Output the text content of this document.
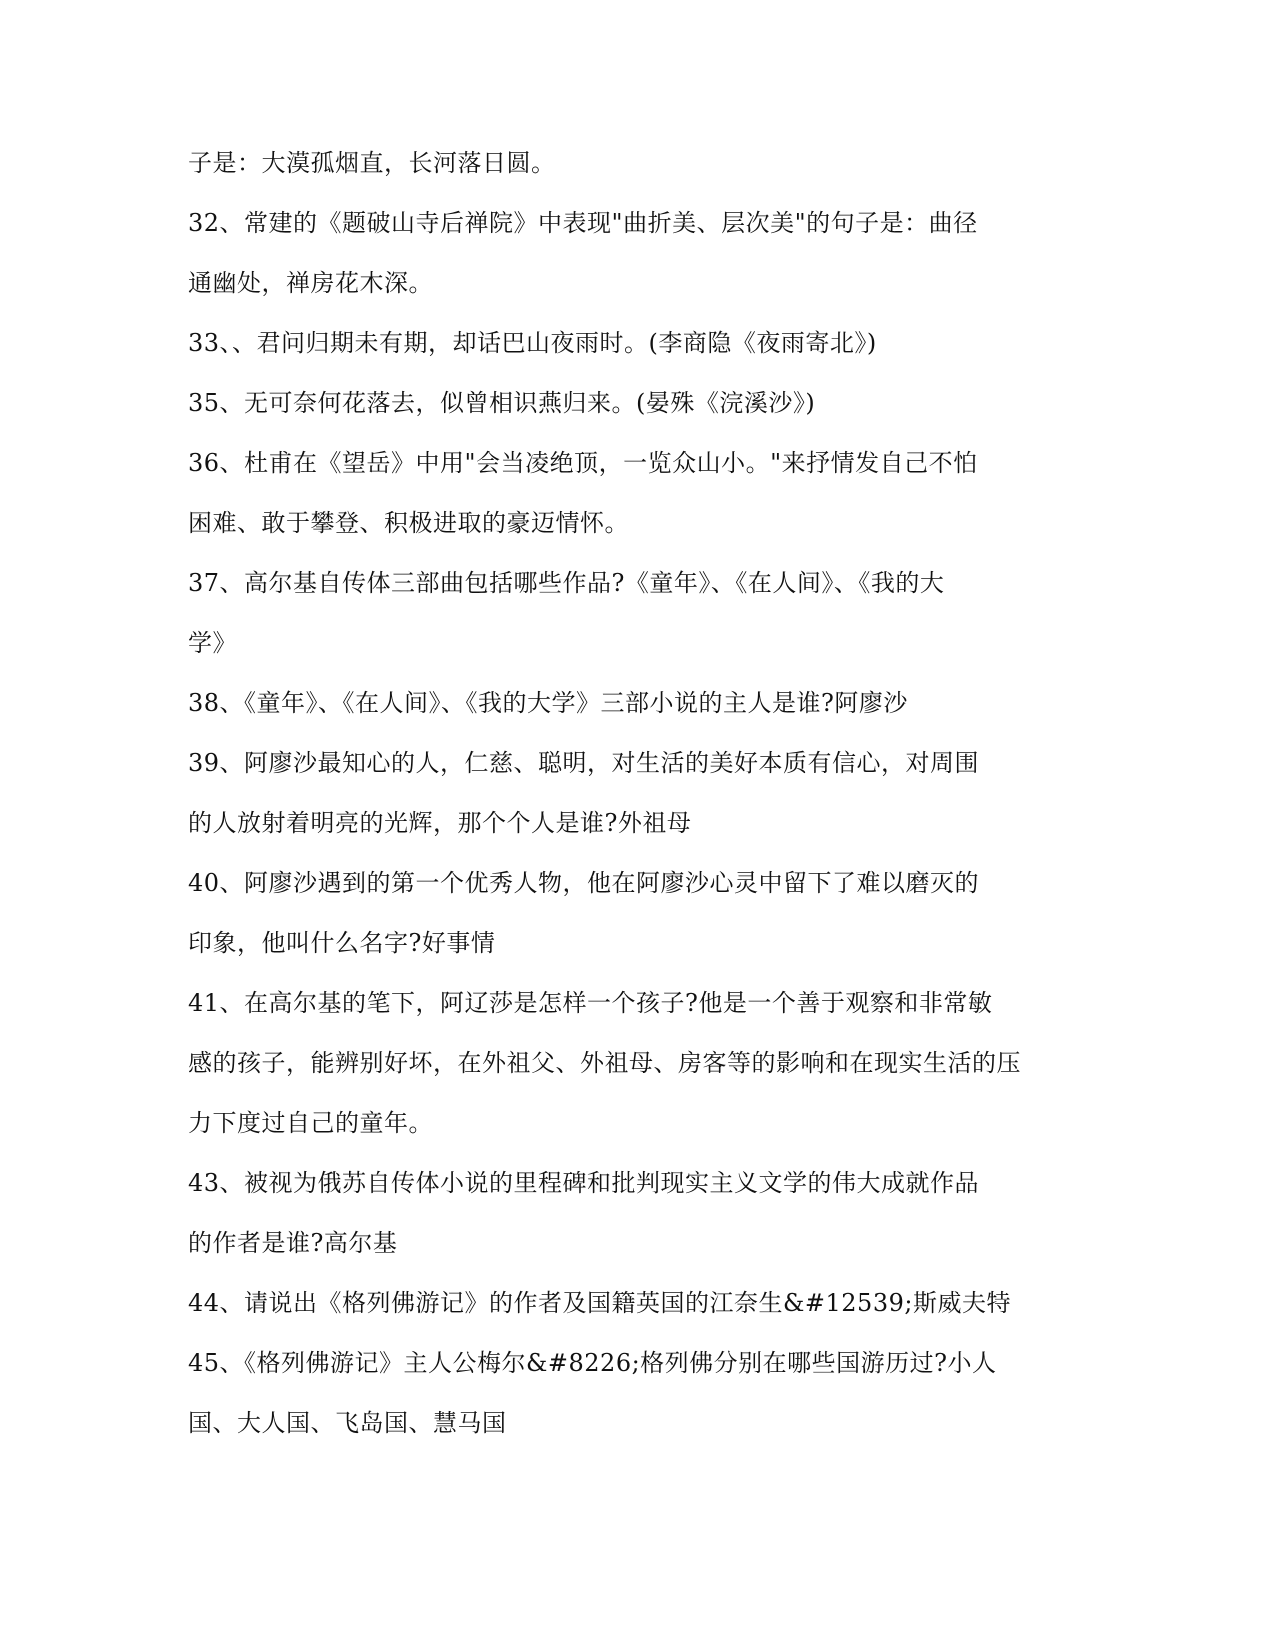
子是：大漠孤烟直，长河落日圆。
32、常建的《题破山寺后禅院》中表现"曲折美、层次美"的句子是：曲径
通幽处，禅房花木深。
33、、君问归期未有期，却话巴山夜雨时。(李商隐《夜雨寄北》)
35、无可奈何花落去，似曾相识燕归来。(晏殊《浣溪沙》)
36、杜甫在《望岳》中用"会当凌绝顶，一览众山小。"来抒情发自己不怕
困难、敢于攀登、积极进取的豪迈情怀。
37、高尔基自传体三部曲包括哪些作品?《童年》、《在人间》、《我的大
学》
38、《童年》、《在人间》、《我的大学》三部小说的主人是谁?阿廖沙
39、阿廖沙最知心的人，仁慈、聪明，对生活的美好本质有信心，对周围
的人放射着明亮的光辉，那个个人是谁?外祖母
40、阿廖沙遇到的第一个优秀人物，他在阿廖沙心灵中留下了难以磨灭的
印象，他叫什么名字?好事情
41、在高尔基的笔下，阿辽莎是怎样一个孩子?他是一个善于观察和非常敏
感的孩子，能辨别好坏，在外祖父、外祖母、房客等的影响和在现实生活的压
力下度过自己的童年。
43、被视为俄苏自传体小说的里程碑和批判现实主义文学的伟大成就作品
的作者是谁?高尔基
44、请说出《格列佛游记》的作者及国籍英国的江奈生&#12539;斯威夫特
45、《格列佛游记》主人公梅尔&#8226;格列佛分别在哪些国游历过?小人
国、大人国、飞岛国、慧马国
